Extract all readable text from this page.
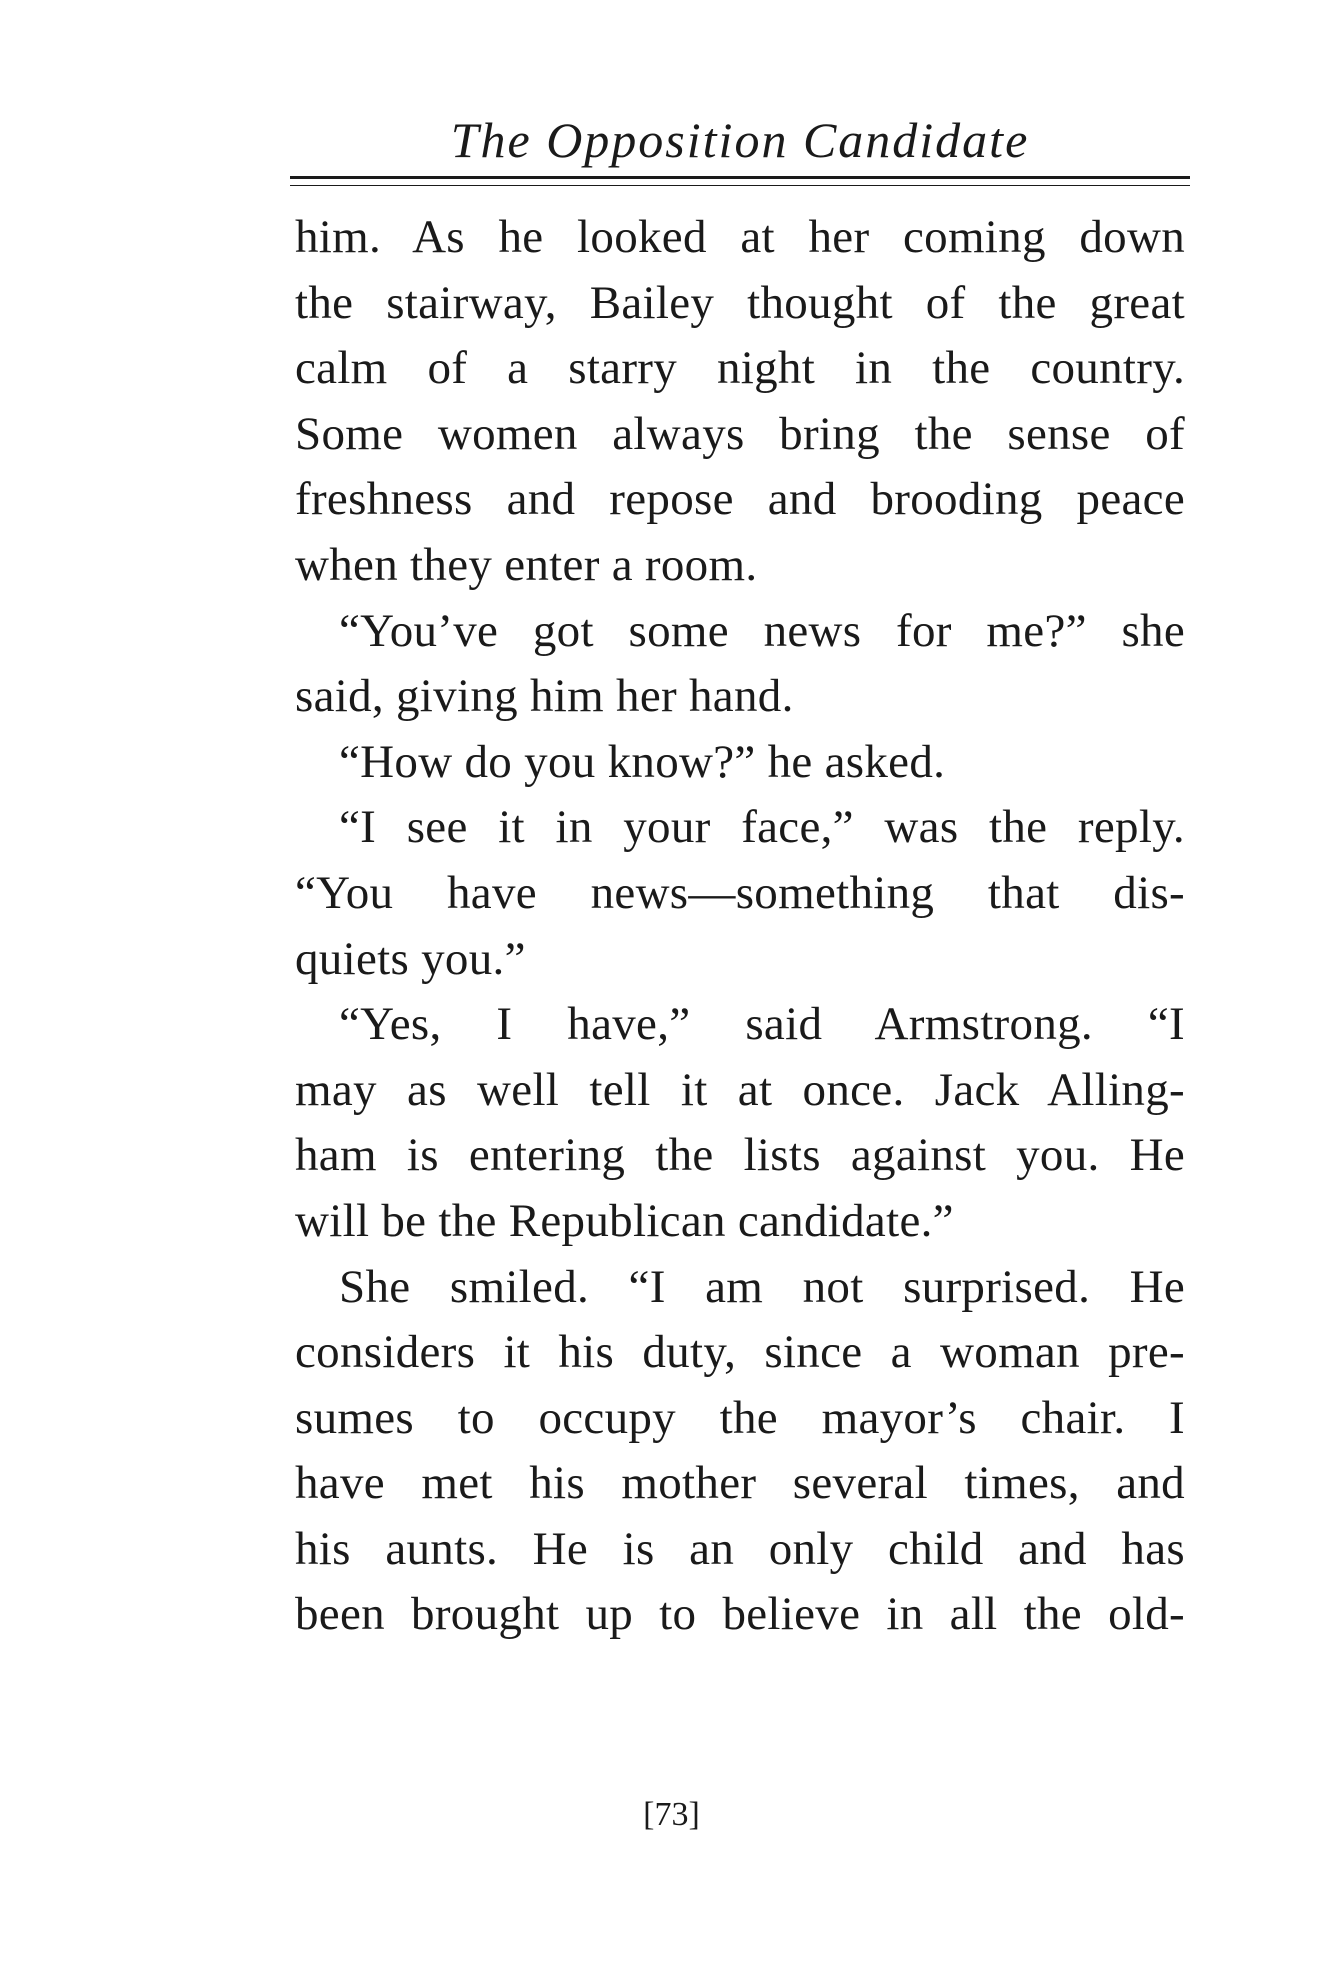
The Opposition Candidate
him. As he looked at her coming down
the stairway, Bailey thought of the great
calm of a starry night in the country.
Some women always bring the sense of
freshness and repose and brooding peace
when they enter a room.
“You’ve got some news for me?” she
said, giving him her hand.
“How do you know?” he asked.
“I see it in your face,” was the reply.
“You have news—something that dis-
quiets you.”
“Yes, I have,” said Armstrong. “I
may as well tell it at once. Jack Alling-
ham is entering the lists against you. He
will be the Republican candidate.”
She smiled. “I am not surprised. He
considers it his duty, since a woman pre-
sumes to occupy the mayor’s chair. I
have met his mother several times, and
his aunts. He is an only child and has
been brought up to believe in all the old-
[73]
